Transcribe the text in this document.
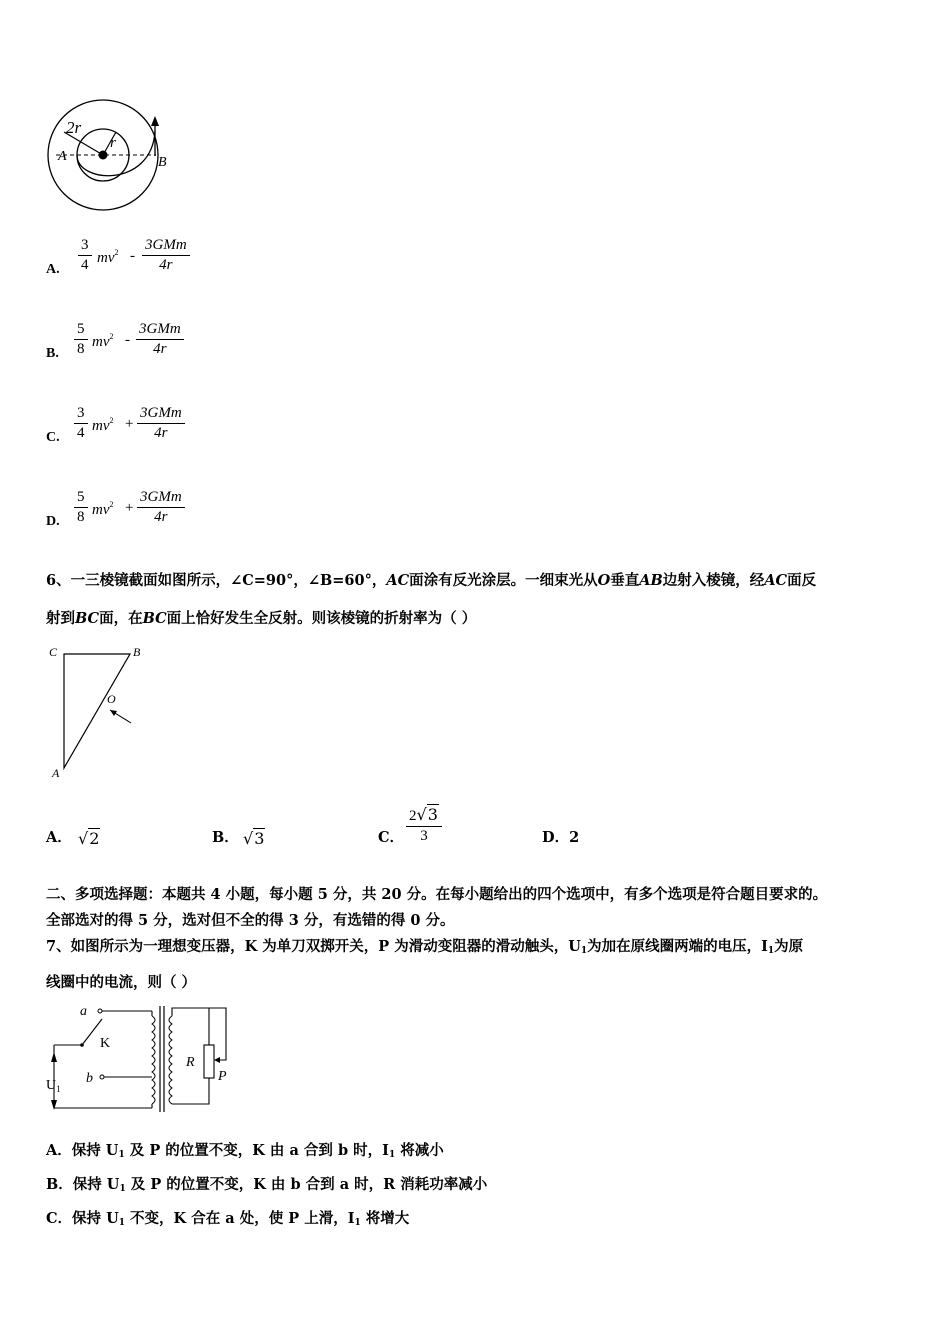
2r
r
A	B
A.
3
4 $mv^2$ -
3GMm
4r
B.
5
8 $mv^2$ -
3GMm
4r
C.
3
4 $mv^2$ +
3GMm
4r
D.
5
8 $mv^2$ +
3GMm
4r
6、一三棱镜截面如图所示，∠C=90°，∠B=60°，AC面涂有反光涂层。一细束光从O垂直AB边射入棱镜，经AC面反
射到BC面，在BC面上恰好发生全反射。则该棱镜的折射率为（ ）
C	B
O
A
A． √2	B． √3	C．
2√3
3	D．2
二、多项选择题：本题共 4 小题，每小题 5 分，共 20 分。在每小题给出的四个选项中，有多个选项是符合题目要求的。
全部选对的得 5 分，选对但不全的得 3 分，有选错的得 0 分。
7、如图所示为一理想变压器，K 为单刀双掷开关，P 为滑动变阻器的滑动触头，$U_1$为加在原线圈两端的电压，$I_1$为原
线圈中的电流，则（ ）
a
K
b
$U_1$
R
P
A．保持 $U_1$ 及 P 的位置不变，K 由 a 合到 b 时，$I_1$ 将减小
B．保持 $U_1$ 及 P 的位置不变，K 由 b 合到 a 时，R 消耗功率减小
C．保持 $U_1$ 不变，K 合在 a 处，使 P 上滑，$I_1$ 将增大
